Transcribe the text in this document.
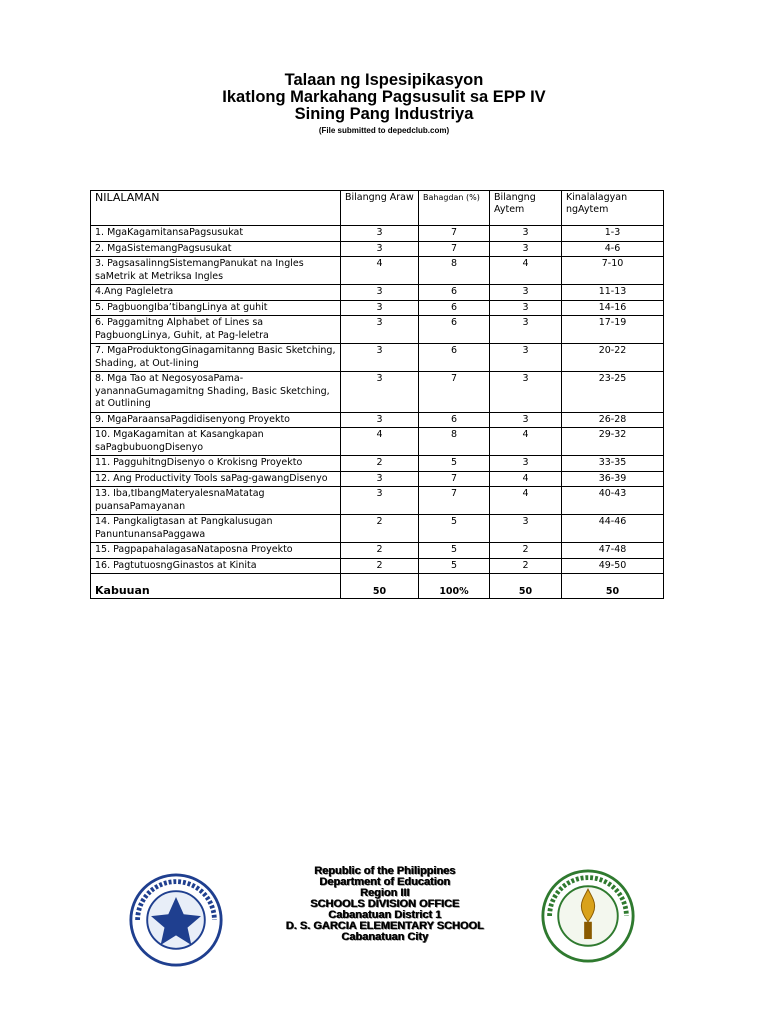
Talaan ng Ispesipikasyon
Ikatlong Markahang Pagsusulit sa EPP IV
Sining Pang Industriya
(File submitted to depedclub.com)
NILALAMAN	Bilangng Araw	Bahagdan (%)	Bilangng Aytem	Kinalalagyan ngAytem
1. MgaKagamitansaPagsusukat	3	7	3	1-3
2. MgaSistemangPagsusukat	3	7	3	4-6
3. PagsasalinngSistemangPanukat na Ingles saMetrik at Metriksa Ingles	4	8	4	7-10
4.Ang Pagleletra	3	6	3	11-13
5. PagbuongIba’tibangLinya at guhit	3	6	3	14-16
6. Paggamitng Alphabet of Lines sa PagbuongLinya, Guhit, at Pag-leletra	3	6	3	17-19
7. MgaProduktongGinagamitanng Basic Sketching, Shading, at Out-lining	3	6	3	20-22
8. Mga Tao at NegosyosaPama-yanannaGumagamitng Shading, Basic Sketching, at Outlining	3	7	3	23-25
9. MgaParaansaPagdidisenyong Proyekto	3	6	3	26-28
10. MgaKagamitan at Kasangkapan saPagbubuongDisenyo	4	8	4	29-32
11. PagguhitngDisenyo o Krokisng Proyekto	2	5	3	33-35
12. Ang Productivity Tools saPag-gawangDisenyo	3	7	4	36-39
13. Iba,tIbangMateryalesnaMatatag puansaPamayanan	3	7	4	40-43
14. Pangkaligtasan at Pangkalusugan PanuntunansaPaggawa	2	5	3	44-46
15. PagpapahalagasaNataposna Proyekto	2	5	2	47-48
16. PagtutuosngGinastos at Kinita	2	5	2	49-50
Kabuuan	50	100%	50	50
Republic of the Philippines
Department of Education
Region III
SCHOOLS DIVISION OFFICE
Cabanatuan District 1
D. S. GARCIA ELEMENTARY SCHOOL
Cabanatuan City
